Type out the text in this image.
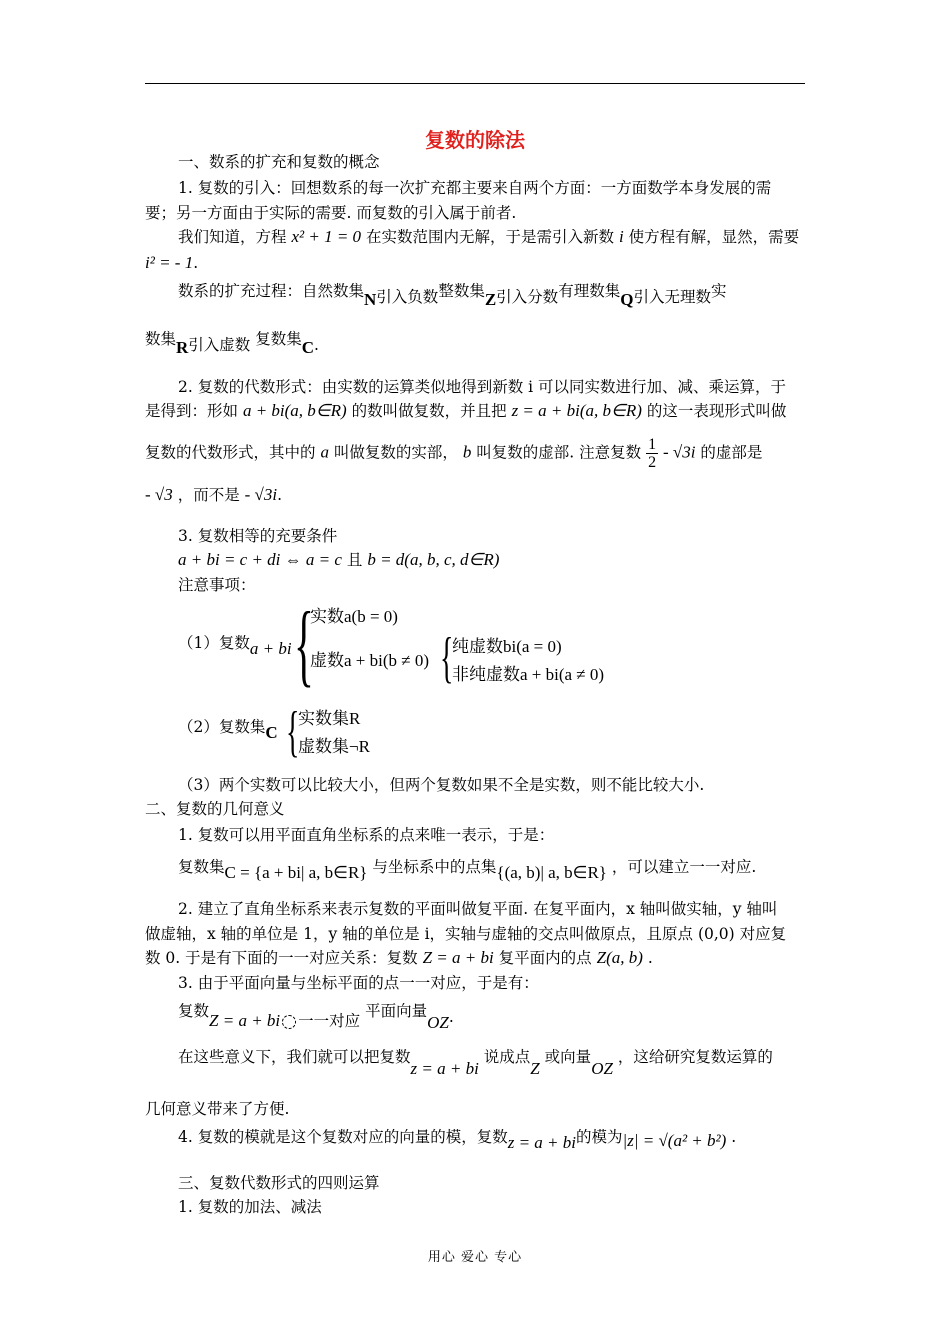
复数的除法
一、数系的扩充和复数的概念
1. 复数的引入：回想数系的每一次扩充都主要来自两个方面：一方面数学本身发展的需
要；另一方面由于实际的需要. 而复数的引入属于前者.
我们知道，方程 x² + 1 = 0 在实数范围内无解，于是需引入新数 i 使方程有解，显然，需要
i² = - 1.
数系的扩充过程：自然数集N引入负数整数集Z引入分数有理数集Q引入无理数实
数集R引入虚数 复数集C.
2. 复数的代数形式：由实数的运算类似地得到新数 i 可以同实数进行加、减、乘运算，于
是得到：形如 a + bi(a, b∈R) 的数叫做复数，并且把 z = a + bi(a, b∈R) 的这一表现形式叫做
复数的代数形式，其中的 a 叫做复数的实部， b 叫复数的虚部. 注意复数 $\frac{1}{2} - √3i$ 的虚部是
- √3 ，而不是 - √3i.
3. 复数相等的充要条件
a + bi = c + di ⇔ a = c 且 b = d(a, b, c, d∈R)
注意事项：
（1）复数a + bi {
实数a(b = 0)
虚数a + bi(b ≠ 0) {
纯虚数bi(a = 0)
非纯虚数a + bi(a ≠ 0)
（2）复数集C {
实数集R
虚数集¬R
（3）两个实数可以比较大小，但两个复数如果不全是实数，则不能比较大小.
二、复数的几何意义
1. 复数可以用平面直角坐标系的点来唯一表示，于是：
复数集C = {a + bi| a, b∈R} 与坐标系中的点集{(a, b)| a, b∈R} ，可以建立一一对应.
2. 建立了直角坐标系来表示复数的平面叫做复平面. 在复平面内，x 轴叫做实轴，y 轴叫
做虚轴，x 轴的单位是 1，y 轴的单位是 i，实轴与虚轴的交点叫做原点，且原点 (0,0) 对应复
数 0. 于是有下面的一一对应关系：复数 Z = a + bi 复平面内的点 Z(a, b) .
3. 由于平面向量与坐标平面的点一一对应，于是有：
复数Z = a + bi 一一对应 平面向量OZ.
在这些意义下，我们就可以把复数z = a + bi 说成点Z 或向量OZ ，这给研究复数运算的
几何意义带来了方便.
4. 复数的模就是这个复数对应的向量的模，复数z = a + bi的模为|z| = √(a² + b²) .
三、复数代数形式的四则运算
1. 复数的加法、减法
用心 爱心 专心
